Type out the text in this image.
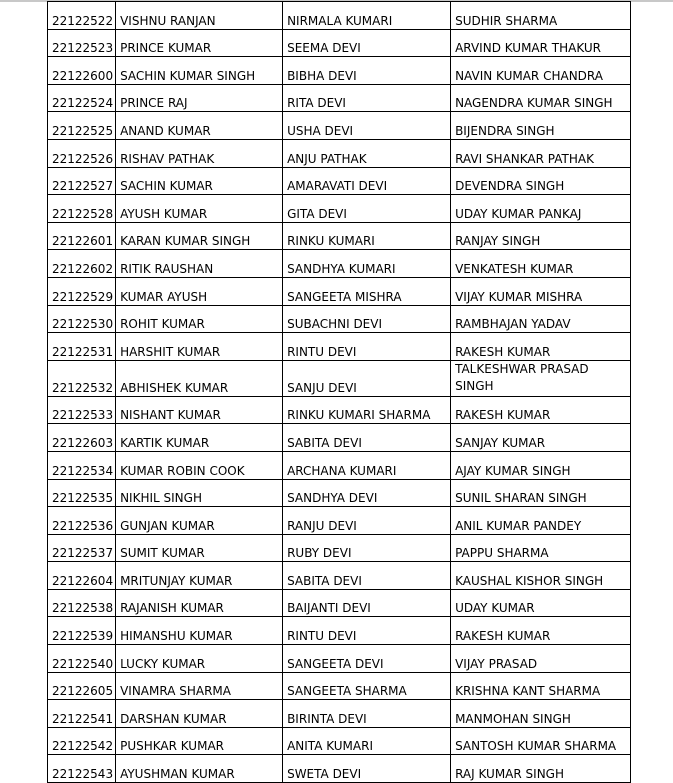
22122522	VISHNU RANJAN	NIRMALA KUMARI	SUDHIR SHARMA
22122523	PRINCE KUMAR	SEEMA DEVI	ARVIND KUMAR THAKUR
22122600	SACHIN KUMAR SINGH	BIBHA DEVI	NAVIN KUMAR CHANDRA
22122524	PRINCE RAJ	RITA DEVI	NAGENDRA KUMAR SINGH
22122525	ANAND KUMAR	USHA DEVI	BIJENDRA SINGH
22122526	RISHAV PATHAK	ANJU PATHAK	RAVI SHANKAR PATHAK
22122527	SACHIN KUMAR	AMARAVATI DEVI	DEVENDRA SINGH
22122528	AYUSH KUMAR	GITA DEVI	UDAY KUMAR PANKAJ
22122601	KARAN KUMAR SINGH	RINKU KUMARI	RANJAY SINGH
22122602	RITIK RAUSHAN	SANDHYA KUMARI	VENKATESH KUMAR
22122529	KUMAR AYUSH	SANGEETA MISHRA	VIJAY KUMAR MISHRA
22122530	ROHIT KUMAR	SUBACHNI DEVI	RAMBHAJAN YADAV
22122531	HARSHIT KUMAR	RINTU DEVI	RAKESH KUMAR
22122532	ABHISHEK KUMAR	SANJU DEVI	TALKESHWAR PRASAD SINGH
22122533	NISHANT KUMAR	RINKU KUMARI SHARMA	RAKESH KUMAR
22122603	KARTIK KUMAR	SABITA DEVI	SANJAY KUMAR
22122534	KUMAR ROBIN COOK	ARCHANA KUMARI	AJAY KUMAR SINGH
22122535	NIKHIL SINGH	SANDHYA DEVI	SUNIL SHARAN SINGH
22122536	GUNJAN KUMAR	RANJU DEVI	ANIL KUMAR PANDEY
22122537	SUMIT KUMAR	RUBY DEVI	PAPPU SHARMA
22122604	MRITUNJAY KUMAR	SABITA DEVI	KAUSHAL KISHOR SINGH
22122538	RAJANISH KUMAR	BAIJANTI DEVI	UDAY KUMAR
22122539	HIMANSHU KUMAR	RINTU DEVI	RAKESH KUMAR
22122540	LUCKY KUMAR	SANGEETA DEVI	VIJAY PRASAD
22122605	VINAMRA SHARMA	SANGEETA SHARMA	KRISHNA KANT SHARMA
22122541	DARSHAN KUMAR	BIRINTA DEVI	MANMOHAN SINGH
22122542	PUSHKAR KUMAR	ANITA KUMARI	SANTOSH KUMAR SHARMA
22122543	AYUSHMAN KUMAR	SWETA DEVI	RAJ KUMAR SINGH
